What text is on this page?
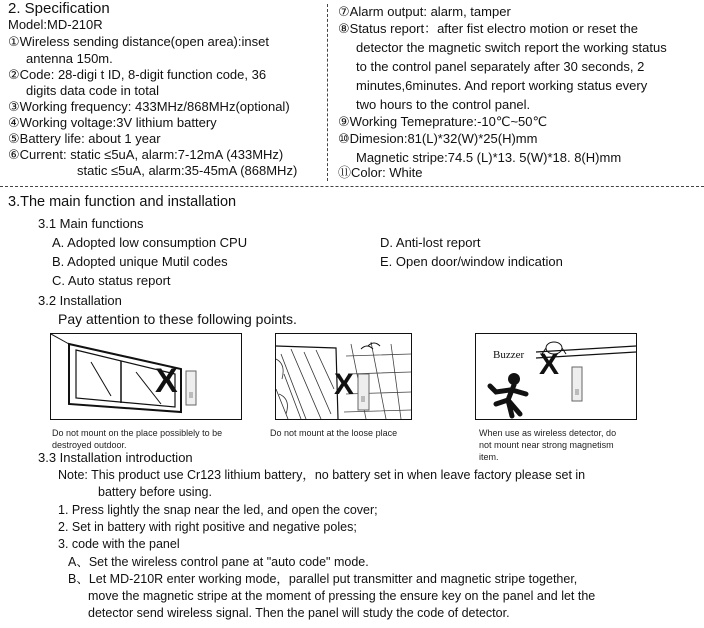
2. Specification
Model:MD-210R
①Wireless sending distance(open area):inset
antenna 150m.
②Code: 28-digi t ID, 8-digit function code, 36
digits data code in total
③Working frequency: 433MHz/868MHz(optional)
④Working voltage:3V lithium battery
⑤Battery life: about 1 year
⑥Current: static ≤5uA, alarm:7-12mA (433MHz)
static ≤5uA, alarm:35-45mA (868MHz)
⑦Alarm output: alarm, tamper
⑧Status report：after fist electro motion or reset the
detector the magnetic switch report the working status
to the control panel separately after 30 seconds, 2
minutes,6minutes. And report working status every
two hours to the control panel.
⑨Working Temeprature:-10℃~50℃
⑩Dimesion:81(L)*32(W)*25(H)mm
Magnetic stripe:74.5 (L)*13. 5(W)*18. 8(H)mm
⑪Color: White
3.The main function and installation
3.1 Main functions
A. Adopted low consumption CPU
B. Adopted unique Mutil codes
C. Auto status report
D. Anti-lost report
E. Open door/window indication
3.2 Installation
Pay attention to these following points.
X	X
Buzzer X
Do not mount on the place possiblely to be
destroyed outdoor.
Do not mount at the loose place	When use as wireless detector, do
not mount near strong magnetism
item.
3.3 Installation introduction
Note: This product use Cr123 lithium battery，no battery set in when leave factory please set in
battery before using.
1. Press lightly the snap near the led, and open the cover;
2. Set in battery with right positive and negative poles;
3. code with the panel
A、Set the wireless control pane at "auto code" mode.
B、Let MD-210R enter working mode，parallel put transmitter and magnetic stripe together,
move the magnetic stripe at the moment of pressing the ensure key on the panel and let the
detector send wireless signal. Then the panel will study the code of detector.
